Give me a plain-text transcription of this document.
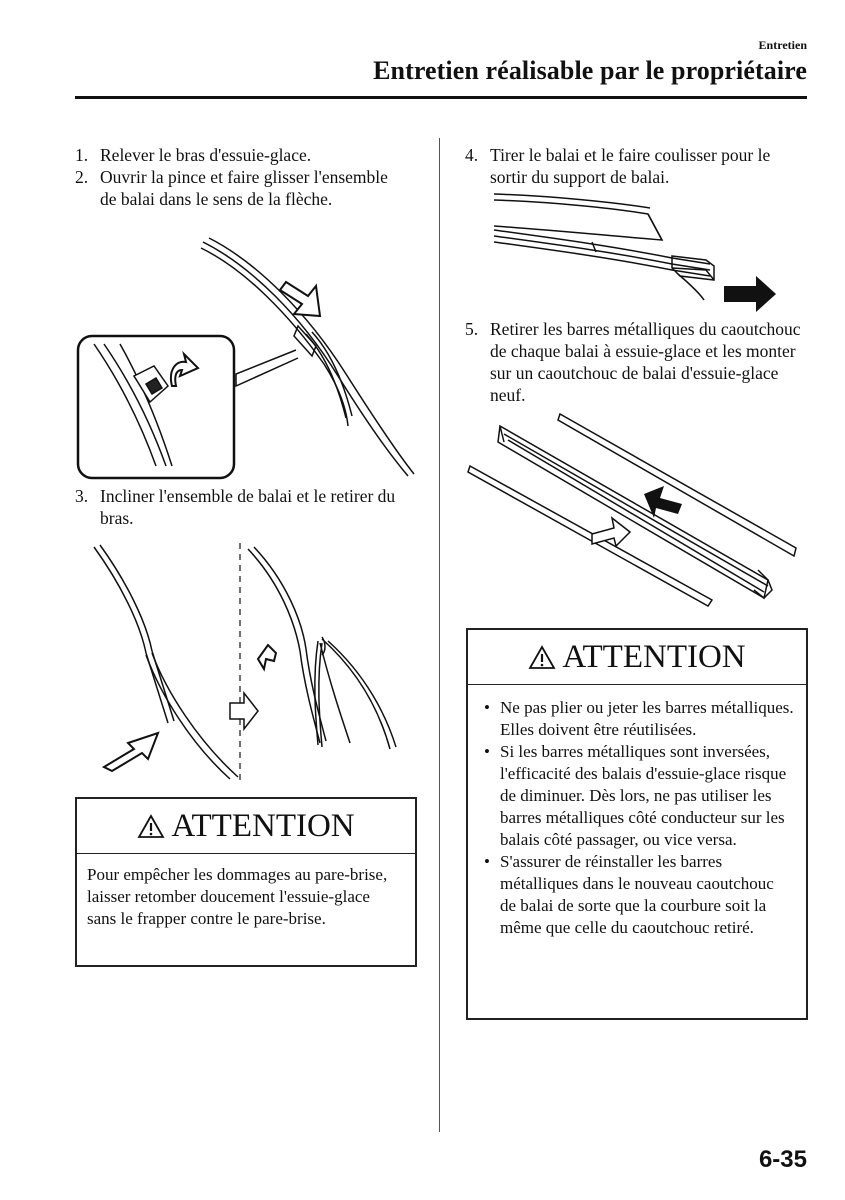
Entretien
Entretien réalisable par le propriétaire
1. Relever le bras d'essuie-glace.
2. Ouvrir la pince et faire glisser l'ensemble de balai dans le sens de la flèche.
3. Incliner l'ensemble de balai et le retirer du bras.
ATTENTION
Pour empêcher les dommages au pare-brise, laisser retomber doucement l'essuie-glace sans le frapper contre le pare-brise.
4. Tirer le balai et le faire coulisser pour le sortir du support de balai.
5. Retirer les barres métalliques du caoutchouc de chaque balai à essuie-glace et les monter sur un caoutchouc de balai d'essuie-glace neuf.
ATTENTION
• Ne pas plier ou jeter les barres métalliques. Elles doivent être réutilisées.
• Si les barres métalliques sont inversées, l'efficacité des balais d'essuie-glace risque de diminuer. Dès lors, ne pas utiliser les barres métalliques côté conducteur sur les balais côté passager, ou vice versa.
• S'assurer de réinstaller les barres métalliques dans le nouveau caoutchouc de balai de sorte que la courbure soit la même que celle du caoutchouc retiré.
6-35
